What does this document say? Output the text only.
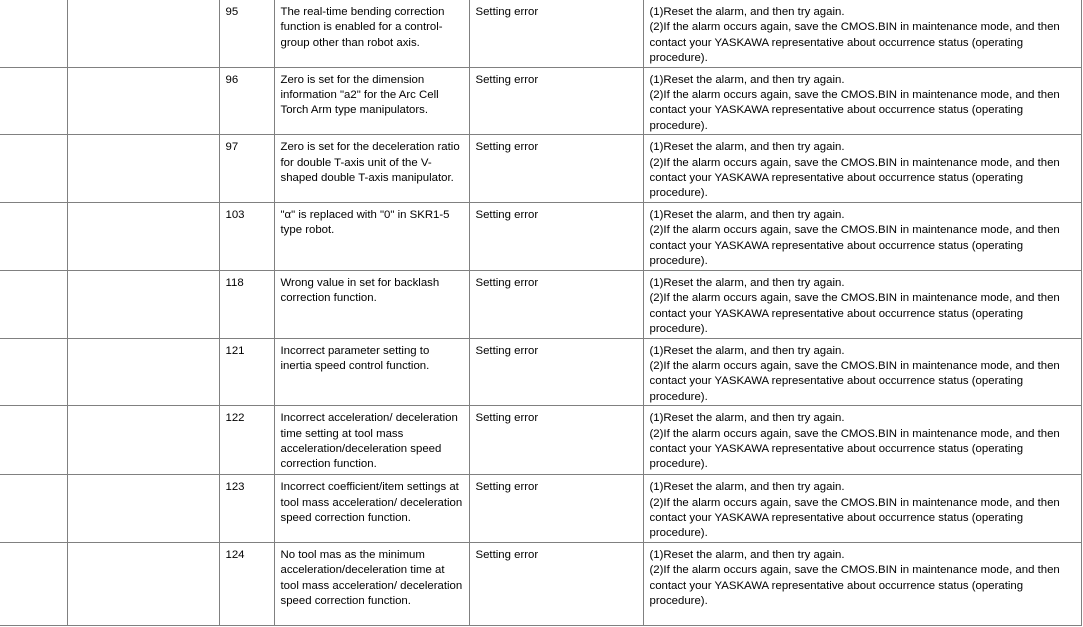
		95	The real-time bending correction function is enabled for a control-group other than robot axis.	Setting error	(1)Reset the alarm, and then try again.
(2)If the alarm occurs again, save the CMOS.BIN in maintenance mode, and then contact your YASKAWA representative about occurrence status (operating procedure).

		96	Zero is set for the dimension information "a2" for the Arc Cell Torch Arm type manipulators.	Setting error	(1)Reset the alarm, and then try again.
(2)If the alarm occurs again, save the CMOS.BIN in maintenance mode, and then contact your YASKAWA representative about occurrence status (operating procedure).

		97	Zero is set for the deceleration ratio for double T-axis unit of the V-shaped double T-axis manipulator.	Setting error	(1)Reset the alarm, and then try again.
(2)If the alarm occurs again, save the CMOS.BIN in maintenance mode, and then contact your YASKAWA representative about occurrence status (operating procedure).

		103	"α" is replaced with "0" in SKR1-5 type robot.	Setting error	(1)Reset the alarm, and then try again.
(2)If the alarm occurs again, save the CMOS.BIN in maintenance mode, and then contact your YASKAWA representative about occurrence status (operating procedure).

		118	Wrong value in set for backlash correction function.	Setting error	(1)Reset the alarm, and then try again.
(2)If the alarm occurs again, save the CMOS.BIN in maintenance mode, and then contact your YASKAWA representative about occurrence status (operating procedure).

		121	Incorrect parameter setting to inertia speed control function.	Setting error	(1)Reset the alarm, and then try again.
(2)If the alarm occurs again, save the CMOS.BIN in maintenance mode, and then contact your YASKAWA representative about occurrence status (operating procedure).

		122	Incorrect acceleration/ deceleration time setting at tool mass acceleration/deceleration speed correction function.	Setting error	(1)Reset the alarm, and then try again.
(2)If the alarm occurs again, save the CMOS.BIN in maintenance mode, and then contact your YASKAWA representative about occurrence status (operating procedure).

		123	Incorrect coefficient/item settings at tool mass acceleration/ deceleration speed correction function.	Setting error	(1)Reset the alarm, and then try again.
(2)If the alarm occurs again, save the CMOS.BIN in maintenance mode, and then contact your YASKAWA representative about occurrence status (operating procedure).

		124	No tool mas as the minimum acceleration/deceleration time at tool mass acceleration/ deceleration speed correction function.	Setting error	(1)Reset the alarm, and then try again.
(2)If the alarm occurs again, save the CMOS.BIN in maintenance mode, and then contact your YASKAWA representative about occurrence status (operating procedure).
